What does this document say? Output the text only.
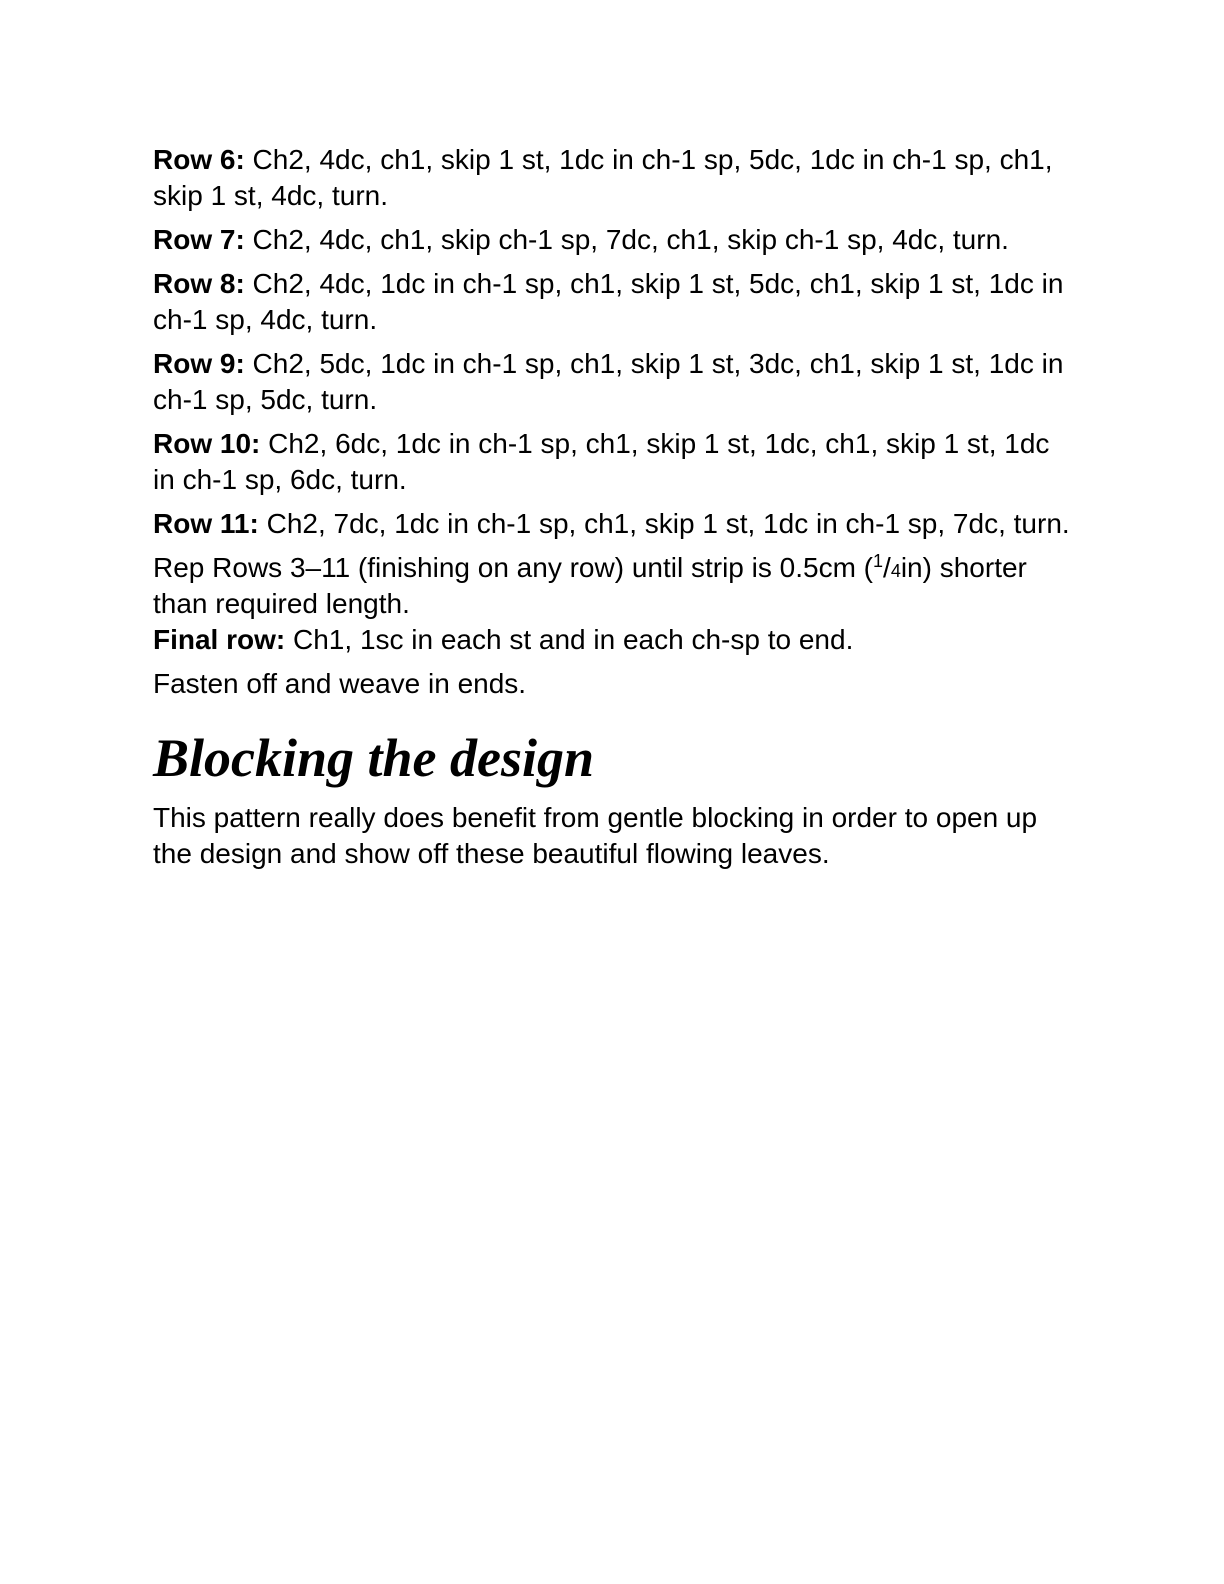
Row 6: Ch2, 4dc, ch1, skip 1 st, 1dc in ch-1 sp, 5dc, 1dc in ch-1 sp, ch1, skip 1 st, 4dc, turn.

Row 7: Ch2, 4dc, ch1, skip ch-1 sp, 7dc, ch1, skip ch-1 sp, 4dc, turn.

Row 8: Ch2, 4dc, 1dc in ch-1 sp, ch1, skip 1 st, 5dc, ch1, skip 1 st, 1dc in ch-1 sp, 4dc, turn.

Row 9: Ch2, 5dc, 1dc in ch-1 sp, ch1, skip 1 st, 3dc, ch1, skip 1 st, 1dc in ch-1 sp, 5dc, turn.

Row 10: Ch2, 6dc, 1dc in ch-1 sp, ch1, skip 1 st, 1dc, ch1, skip 1 st, 1dc in ch-1 sp, 6dc, turn.

Row 11: Ch2, 7dc, 1dc in ch-1 sp, ch1, skip 1 st, 1dc in ch-1 sp, 7dc, turn.

Rep Rows 3–11 (finishing on any row) until strip is 0.5cm ($^1$/4in) shorter than required length.

Final row: Ch1, 1sc in each st and in each ch-sp to end.

Fasten off and weave in ends.

Blocking the design

This pattern really does benefit from gentle blocking in order to open up the design and show off these beautiful flowing leaves.
